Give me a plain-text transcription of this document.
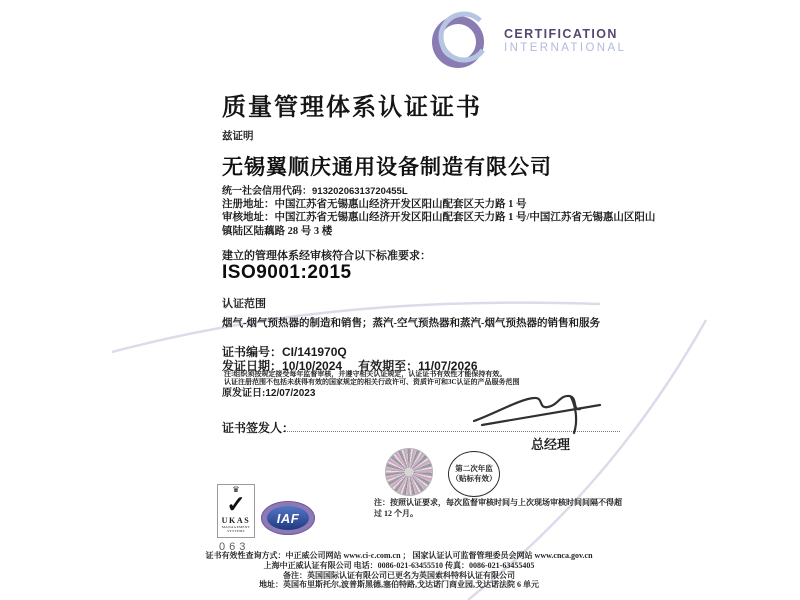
CERTIFICATION
INTERNATIONAL
质量管理体系认证证书
兹证明
无锡翼顺庆通用设备制造有限公司
统一社会信用代码：91320206313720455L
注册地址：中国江苏省无锡惠山经济开发区阳山配套区天力路 1 号
审核地址：中国江苏省无锡惠山经济开发区阳山配套区天力路 1 号/中国江苏省无锡惠山区阳山镇陆区陆藕路 28 号 3 楼
建立的管理体系经审核符合以下标准要求：
ISO9001:2015
认证范围
烟气-烟气预热器的制造和销售；蒸汽-空气预热器和蒸汽-烟气预热器的销售和服务
证书编号：CI/141970Q
发证日期：10/10/2024 有效期至：11/07/2026
注:组织须按规定接受每年监督审核，并遵守相关认证规定，认证证书有效性才能保持有效。
认证注册范围不包括未获得有效的国家规定的相关行政许可、资质许可和3C认证的产品服务范围
原发证日:12/07/2023
证书签发人：
总经理
第二次年监
（贴标有效）
注：按照认证要求，每次监督审核时间与上次现场审核时间间隔不得超过 12 个月。
♛
✓
UKAS
MANAGEMENT
SYSTEMS
063
IAF
证书有效性查询方式：中正威公司网站 www.ci-c.com.cn ； 国家认证认可监督管理委员会网站 www.cnca.gov.cn
上海中正威认证有限公司 电话：0086-021-63455510 传真：0086-021-63455405
备注：英国国际认证有限公司已更名为英国索科特科认证有限公司
地址：英国布里斯托尔,波普斯黑德,塞伯特路,戈达诺门商业园,戈达诺法院 6 单元
